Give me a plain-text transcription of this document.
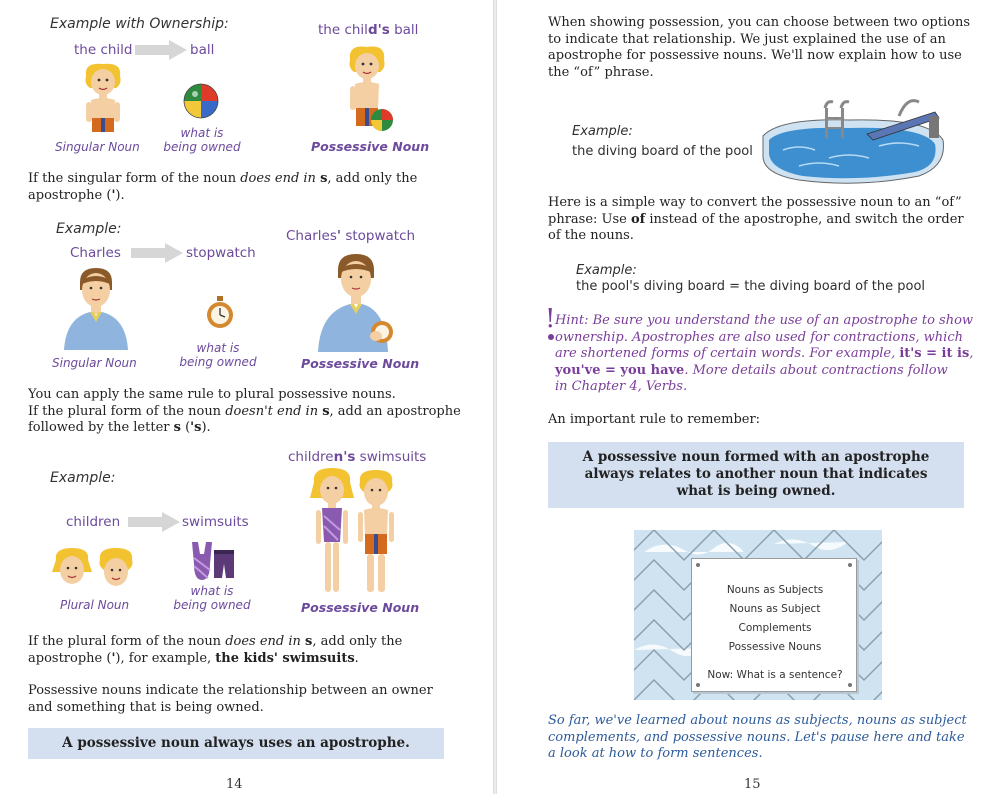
Example with Ownership:
the child	ball
the child's ball
Singular Noun
what is
being owned	Possessive Noun
If the singular form of the noun does end in s, add only the
apostrophe (').
Example:
Charles	stopwatch
Charles' stopwatch
Singular Noun
what is
being owned	Possessive Noun
You can apply the same rule to plural possessive nouns.
If the plural form of the noun doesn't end in s, add an apostrophe
followed by the letter s ('s).
children's swimsuits
Example:
children	swimsuits
Plural Noun
what is
being owned	Possessive Noun
If the plural form of the noun does end in s, add only the
apostrophe ('), for example, the kids' swimsuits.
Possessive nouns indicate the relationship between an owner
and something that is being owned.
A possessive noun always uses an apostrophe.
14
When showing possession, you can choose between two options
to indicate that relationship. We just explained the use of an
apostrophe for possessive nouns. We'll now explain how to use
the “of” phrase.
Example:
the diving board of the pool
Here is a simple way to convert the possessive noun to an “of”
phrase: Use of instead of the apostrophe, and switch the order
of the nouns.
Example:
the pool's diving board = the diving board of the pool
! Hint: Be sure you understand the use of an apostrophe to show
ownership. Apostrophes are also used for contractions, which
are shortened forms of certain words. For example, it's = it is,
you've = you have. More details about contractions follow
in Chapter 4, Verbs.
An important rule to remember:
A possessive noun formed with an apostrophe
always relates to another noun that indicates
what is being owned.
Nouns as Subjects
Nouns as Subject Complements
Possessive Nouns
Now: What is a sentence?
So far, we've learned about nouns as subjects, nouns as subject
complements, and possessive nouns. Let's pause here and take
a look at how to form sentences.
15
